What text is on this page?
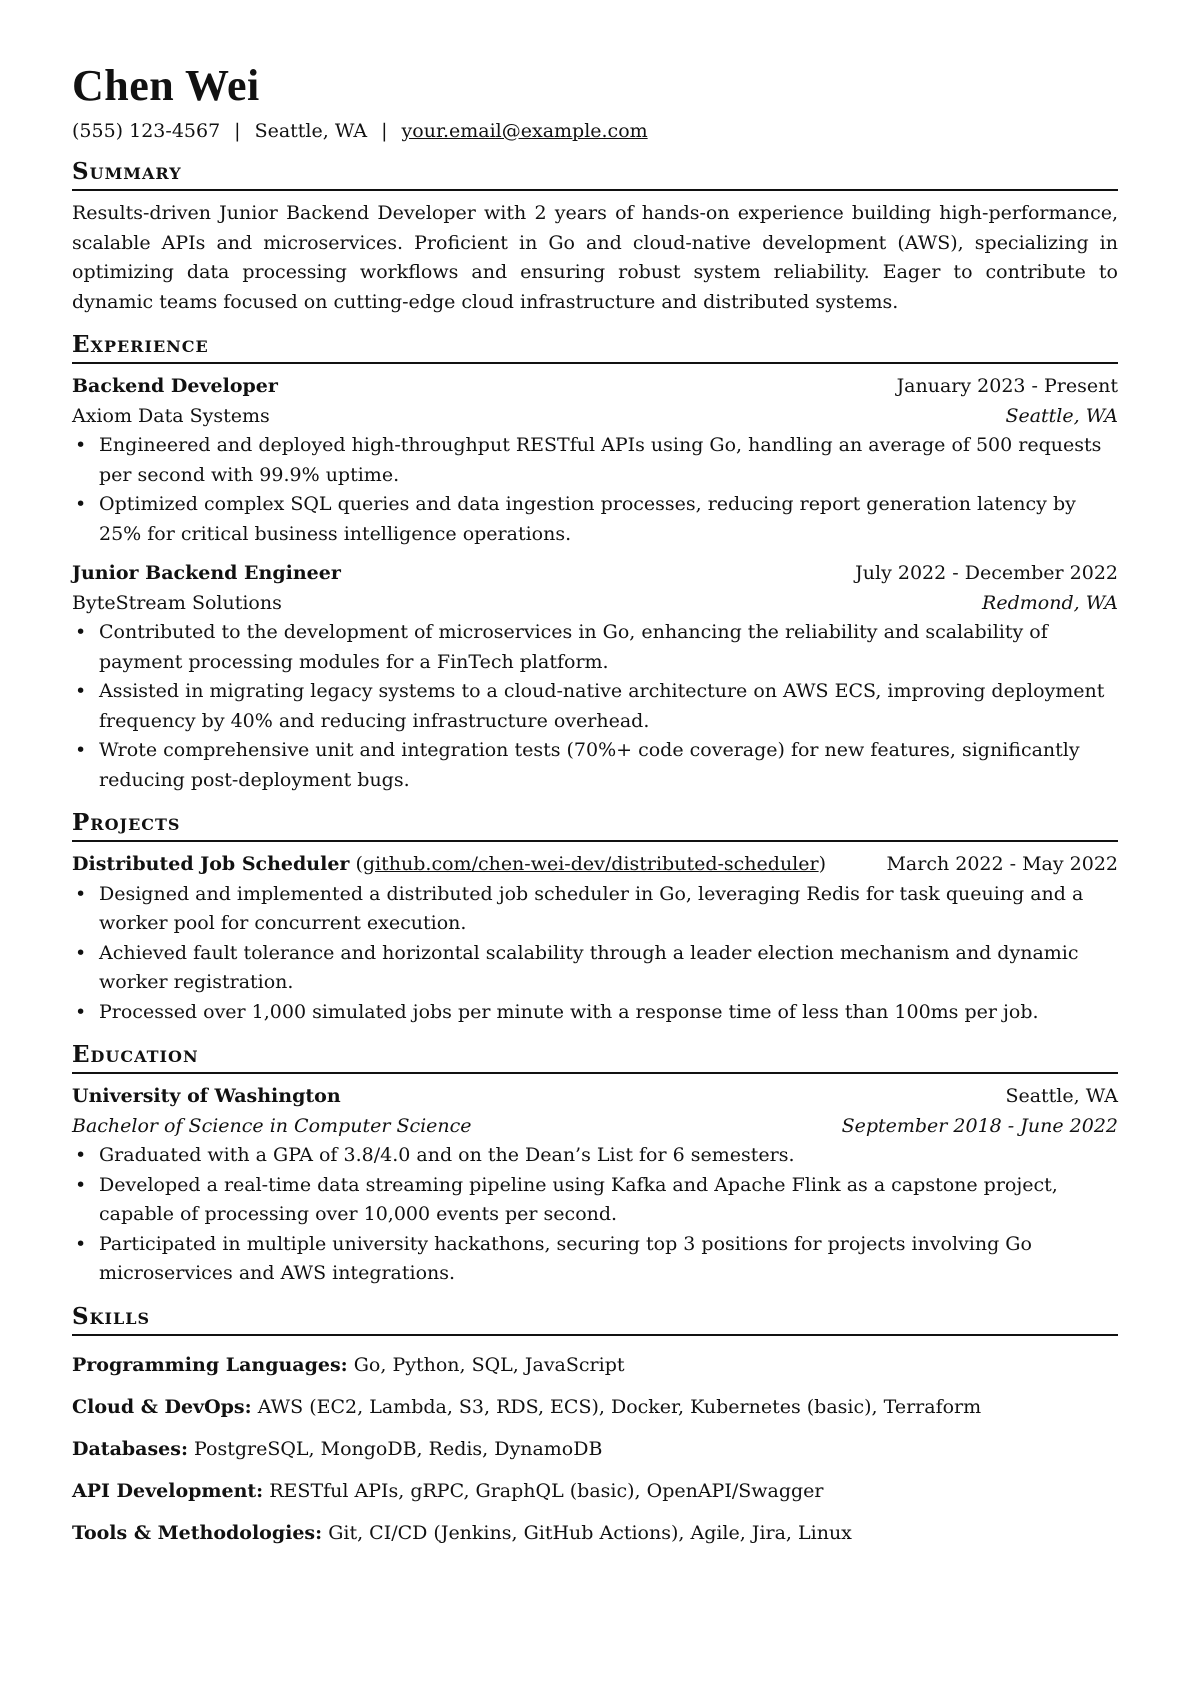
Chen Wei
(555) 123-4567 | Seattle, WA | your.email@example.com
Summary
Results-driven Junior Backend Developer with 2 years of hands-on experience building high-performance, scalable APIs and microservices. Proficient in Go and cloud-native development (AWS), specializing in optimizing data processing workflows and ensuring robust system reliability. Eager to contribute to dynamic teams focused on cutting-edge cloud infrastructure and distributed systems.
Experience
Backend Developer	January 2023 - Present
Axiom Data Systems	Seattle, WA
• Engineered and deployed high-throughput RESTful APIs using Go, handling an average of 500 requests per second with 99.9% uptime.
• Optimized complex SQL queries and data ingestion processes, reducing report generation latency by 25% for critical business intelligence operations.
Junior Backend Engineer	July 2022 - December 2022
ByteStream Solutions	Redmond, WA
• Contributed to the development of microservices in Go, enhancing the reliability and scalability of payment processing modules for a FinTech platform.
• Assisted in migrating legacy systems to a cloud-native architecture on AWS ECS, improving deployment frequency by 40% and reducing infrastructure overhead.
• Wrote comprehensive unit and integration tests (70%+ code coverage) for new features, significantly reducing post-deployment bugs.
Projects
Distributed Job Scheduler (github.com/chen-wei-dev/distributed-scheduler)	March 2022 - May 2022
• Designed and implemented a distributed job scheduler in Go, leveraging Redis for task queuing and a worker pool for concurrent execution.
• Achieved fault tolerance and horizontal scalability through a leader election mechanism and dynamic worker registration.
• Processed over 1,000 simulated jobs per minute with a response time of less than 100ms per job.
Education
University of Washington	Seattle, WA
Bachelor of Science in Computer Science	September 2018 - June 2022
• Graduated with a GPA of 3.8/4.0 and on the Dean’s List for 6 semesters.
• Developed a real-time data streaming pipeline using Kafka and Apache Flink as a capstone project, capable of processing over 10,000 events per second.
• Participated in multiple university hackathons, securing top 3 positions for projects involving Go microservices and AWS integrations.
Skills
Programming Languages: Go, Python, SQL, JavaScript
Cloud & DevOps: AWS (EC2, Lambda, S3, RDS, ECS), Docker, Kubernetes (basic), Terraform
Databases: PostgreSQL, MongoDB, Redis, DynamoDB
API Development: RESTful APIs, gRPC, GraphQL (basic), OpenAPI/Swagger
Tools & Methodologies: Git, CI/CD (Jenkins, GitHub Actions), Agile, Jira, Linux
